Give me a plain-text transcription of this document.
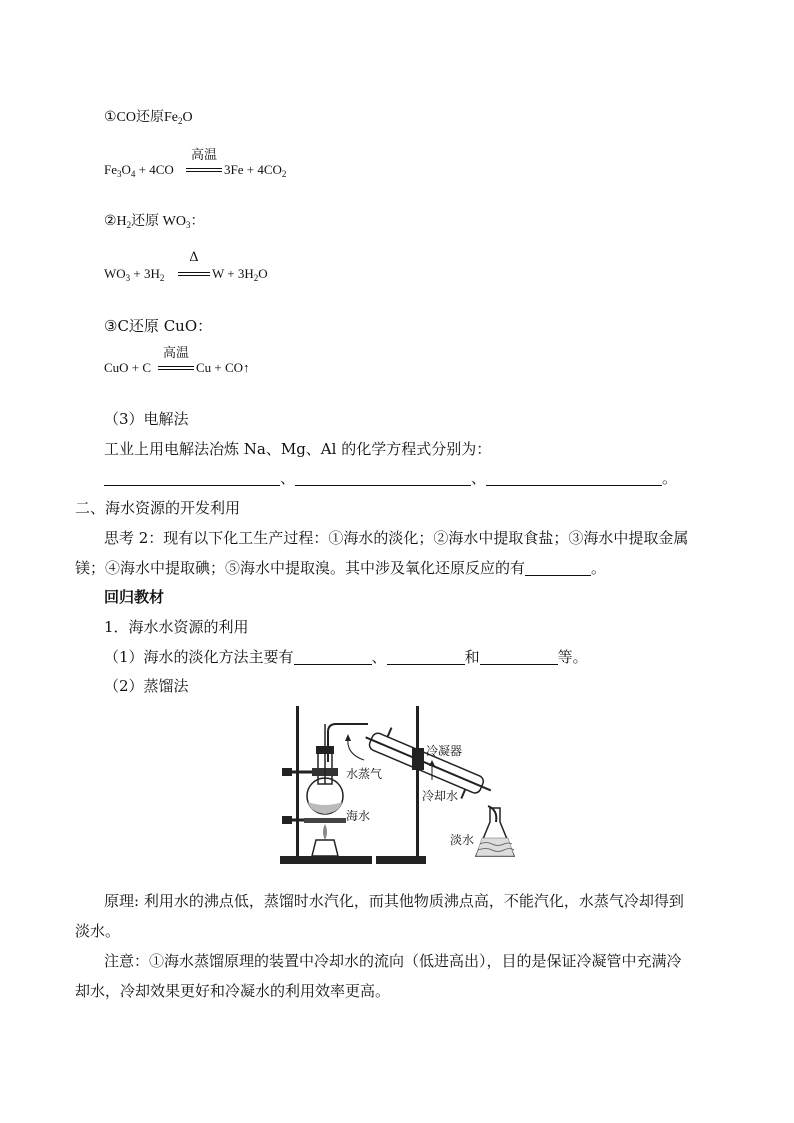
①CO还原$Fe_2O$
$Fe_3O_4 + 4CO$
高温
$3Fe + 4CO_2$
$②H_2$还原 $WO_3$：
$WO_3 + 3H_2$
Δ
$W + 3H_2O$
③C还原 CuO：
CuO + C
高温
Cu + CO↑
（3）电解法
工业上用电解法冶炼 Na、Mg、Al 的化学方程式分别为：
、	、	。
二、海水资源的开发利用
思考 2：现有以下化工生产过程：①海水的淡化；②海水中提取食盐；③海水中提取金属
镁；④海水中提取碘；⑤海水中提取溴。其中涉及氧化还原反应的有	。
回归教材
1．海水水资源的利用
（1）海水的淡化方法主要有	、	和	等。
（2）蒸馏法
冷凝器
水蒸气
冷却水
海水
淡水
原理: 利用水的沸点低，蒸馏时水汽化，而其他物质沸点高，不能汽化，水蒸气冷却得到
淡水。
注意：①海水蒸馏原理的装置中冷却水的流向（低进高出），目的是保证冷凝管中充满冷
却水，冷却效果更好和冷凝水的利用效率更高。
